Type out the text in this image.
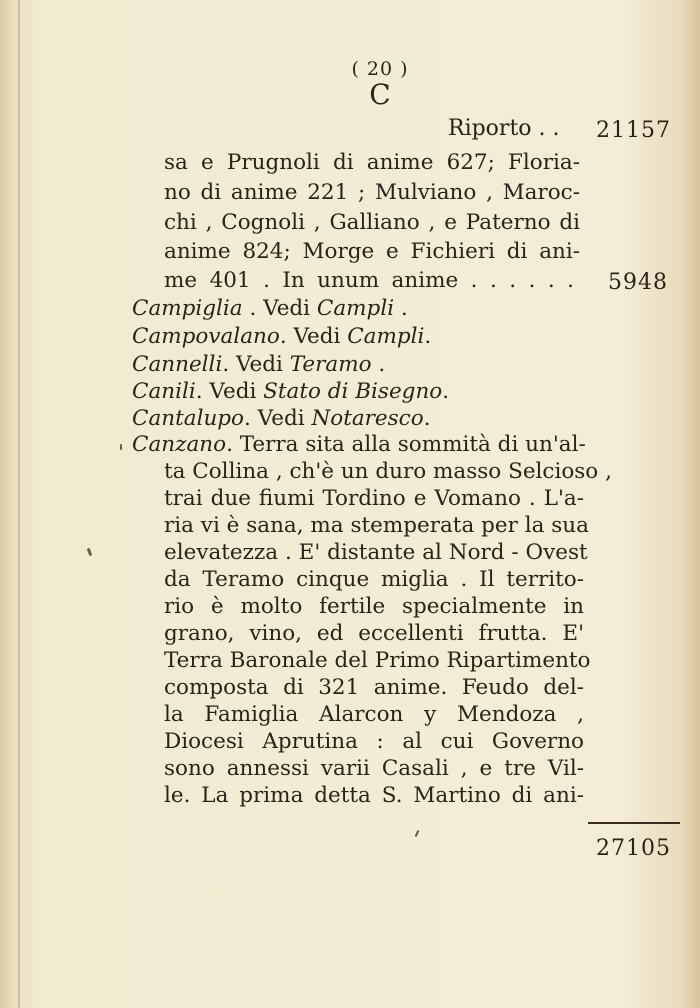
( 20 )
C
Riporto . . 21157
sa e Prugnoli di anime 627; Floria-
no di anime 221 ; Mulviano , Maroc-
chi , Cognoli , Galliano , e Paterno di
anime 824; Morge e Fichieri di ani-
me 401 . In unum anime . . . . . . 5948
Campiglia . Vedi Campli .
Campovalano. Vedi Campli.
Cannelli. Vedi Teramo .
Canili. Vedi Stato di Bisegno.
Cantalupo. Vedi Notaresco.
Canzano. Terra sita alla sommità di un'al-
ta Collina , ch'è un duro masso Selcioso ,
trai due fiumi Tordino e Vomano . L'a-
ria vi è sana, ma stemperata per la sua
elevatezza . E' distante al Nord - Ovest
da Teramo cinque miglia . Il territo-
rio è molto fertile specialmente in
grano, vino, ed eccellenti frutta. E'
Terra Baronale del Primo Ripartimento
composta di 321 anime. Feudo del-
la Famiglia Alarcon y Mendoza ,
Diocesi Aprutina : al cui Governo
sono annessi varii Casali , e tre Vil-
le. La prima detta S. Martino di ani-
27105
